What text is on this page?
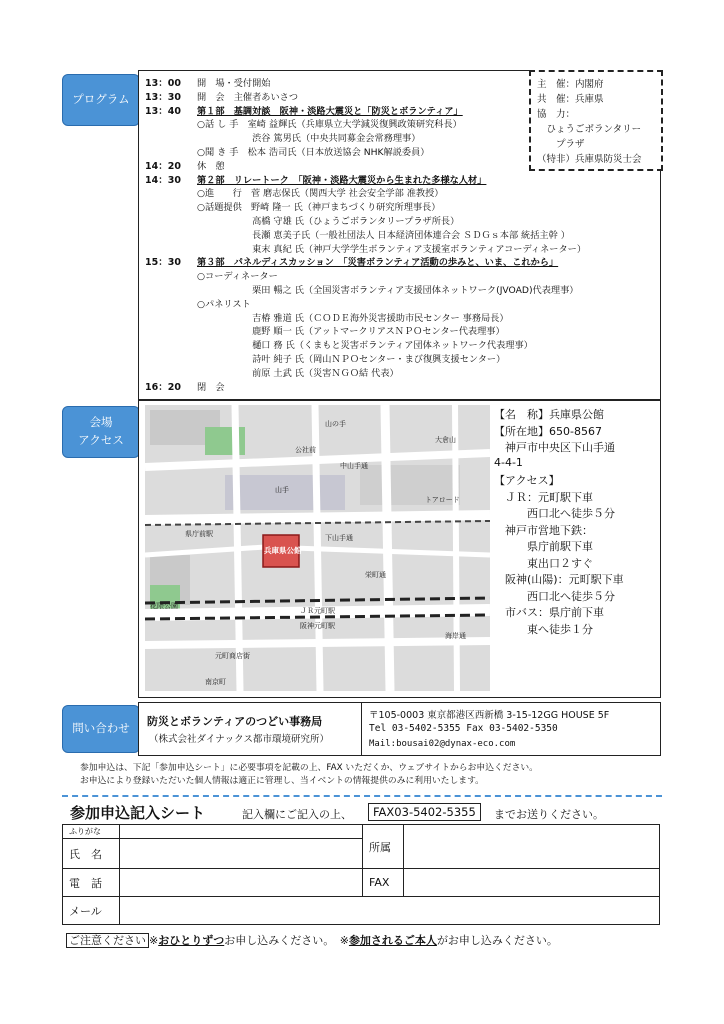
プログラム
13：00 開　場・受付開始
13：30 開　会　主催者あいさつ
13：40 第１部　基調対談　阪神・淡路大震災と「防災とボランティア」
○話 し 手　室崎 益輝氏（兵庫県立大学減災復興政策研究科長）
　　　　　　渋谷 篤男氏（中央共同募金会常務理事）
○聞 き 手　松本 浩司氏（日本放送協会 NHK解説委員）
14：20 休　憩
14：30 第２部　リレートーク　「阪神・淡路大震災から生まれた多様な人材」
○進　　行　菅 磨志保氏（関西大学 社会安全学部 准教授）
○話題提供　野崎 隆一 氏（神戸まちづくり研究所理事長）
　　　　　　高橋 守雄 氏（ひょうごボランタリープラザ所長）
　　　　　　長瀬 恵美子氏（一般社団法人 日本経済団体連合会 ＳＤＧｓ本部 統括主幹 ）
　　　　　　東末 真紀 氏（神戸大学学生ボランティア支援室ボランティアコーディネーター）
15：30 第３部　パネルディスカッション　「災害ボランティア活動の歩みと、いま、これから」
○コーディネーター
　　　　　　栗田 暢之 氏（全国災害ボランティア支援団体ネットワーク(JVOAD)代表理事）
○パネリスト
　　　　　　吉椿 雅道 氏（ＣＯＤＥ海外災害援助市民センター 事務局長）
　　　　　　鹿野 順一 氏（アットマークリアスＮＰＯセンター代表理事）
　　　　　　樋口 務 氏（くまもと災害ボランティア団体ネットワーク代表理事）
　　　　　　詩叶 純子 氏（岡山ＮＰＯセンター・まび復興支援センター）
　　　　　　前原 土武 氏（災害ＮＧＯ結 代表）
16：20 閉　会
主　催：内閣府
共　催：兵庫県
協　力：
　ひょうごボランタリー
　　プラザ
（特非）兵庫県防災士会
会場
アクセス
兵庫県公館
山の手
大倉山
公社前
中山手通
山手
下山手通
県庁前駅
元町商店街
ＪＲ元町駅
阪神元町駅
花隈公園
トアロード
栄町通
南京町
海岸通
【名　称】兵庫県公館
【所在地】650-8567
　神戸市中央区下山手通
4-4-1
【アクセス】
　ＪＲ：元町駅下車
　　　西口北へ徒歩５分
　神戸市営地下鉄：
　　　県庁前駅下車
　　　東出口２すぐ
　阪神(山陽)：元町駅下車
　　　西口北へ徒歩５分
　市バス：県庁前下車
　　　東へ徒歩１分
問い合わせ 防災とボランティアのつどい事務局
（株式会社ダイナックス都市環境研究所）
〒105-0003 東京都港区西新橋 3-15-12GG HOUSE 5F
Tel 03-5402-5355 Fax 03-5402-5350
Mail:bousai02@dynax-eco.com
参加申込は、下記「参加申込シート」に必要事項を記載の上、FAX いただくか、ウェブサイトからお申込ください。
お申込により登録いただいた個人情報は適正に管理し、当イベントの情報提供のみに利用いたします。
参加申込記入シート	記入欄にご記入の上、	FAX03-5402-5355	までお送りください。
ふりがな		所属	
氏　名			
電　話		FAX	
メール			
ご注意ください ※おひとりずつお申し込みください。　※参加されるご本人がお申し込みください。
